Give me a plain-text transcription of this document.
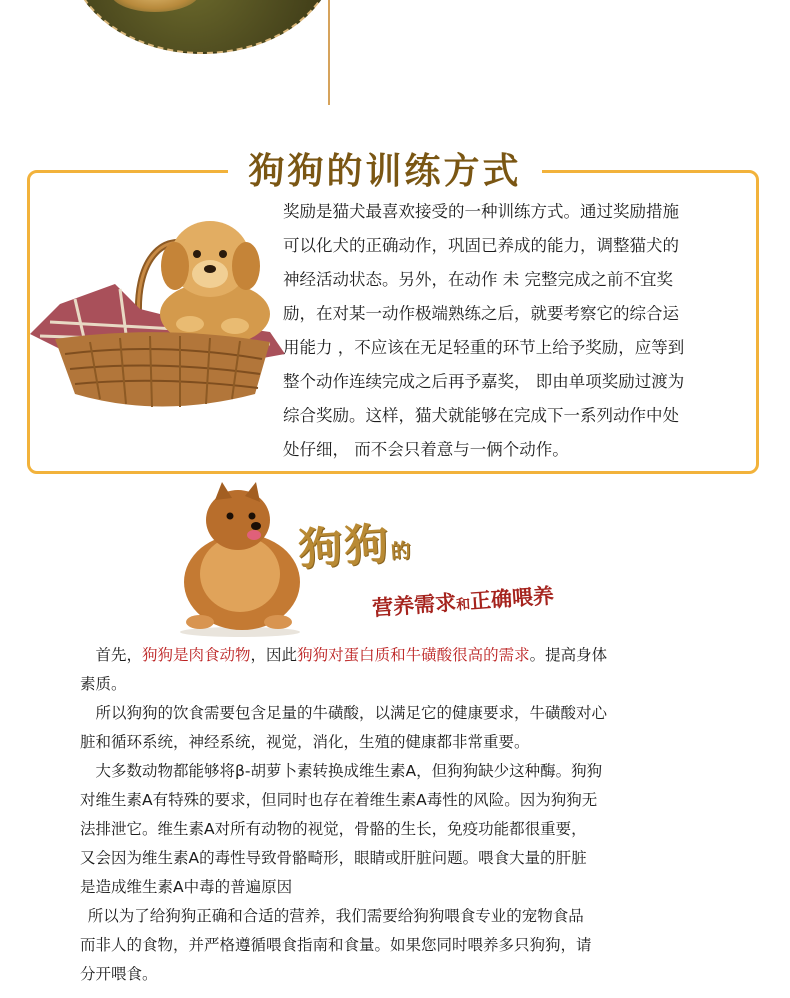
狗狗的训练方式

奖励是猫犬最喜欢接受的一种训练方式。通过奖励措施

可以化犬的正确动作，巩固已养成的能力，调整猫犬的

神经活动状态。另外，在动作 未 完整完成之前不宜奖

励，在对某一动作极端熟练之后，就要考察它的综合运

用能力 ，不应该在无足轻重的环节上给予奖励，应等到

整个动作连续完成之后再予嘉奖， 即由单项奖励过渡为

综合奖励。这样，猫犬就能够在完成下一系列动作中处

处仔细， 而不会只着意与一俩个动作。

狗狗的
营养需求和正确喂养

　首先，狗狗是肉食动物，因此狗狗对蛋白质和牛磺酸很高的需求。提高身体

素质。

　所以狗狗的饮食需要包含足量的牛磺酸，以满足它的健康要求，牛磺酸对心

脏和循环系统，神经系统，视觉，消化，生殖的健康都非常重要。

　大多数动物都能够将β-胡萝卜素转换成维生素A，但狗狗缺少这种酶。狗狗

对维生素A有特殊的要求，但同时也存在着维生素A毒性的风险。因为狗狗无

法排泄它。维生素A对所有动物的视觉，骨骼的生长，免疫功能都很重要，

又会因为维生素A的毒性导致骨骼畸形，眼睛或肝脏问题。喂食大量的肝脏

是造成维生素A中毒的普遍原因

 所以为了给狗狗正确和合适的营养，我们需要给狗狗喂食专业的宠物食品

而非人的食物，并严格遵循喂食指南和食量。如果您同时喂养多只狗狗，请

分开喂食。
